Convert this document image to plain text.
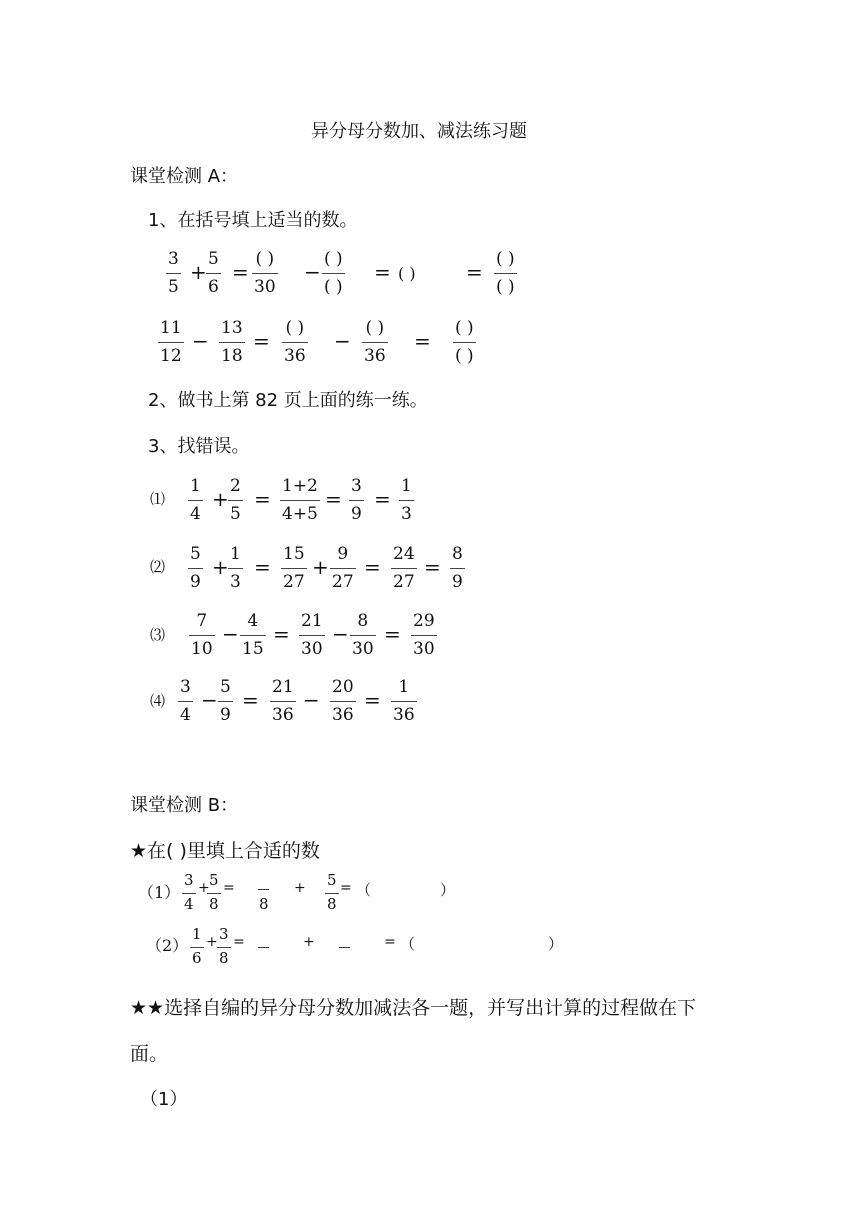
异分母分数加、减法练习题
课堂检测 A：
1、在括号填上适当的数。
$\frac{3}{5} + \frac{5}{6}$ =
( )
30
−
( )
( )
= ( )	=
( )
( )
$\frac{11}{12} - \frac{13}{18}$ =
( )
36
−
( )
36
=
( )
( )
2、做书上第 82 页上面的练一练。
3、找错误。
⑴ $\frac{1}{4} + \frac{2}{5} = \frac{1+2}{4+5} = \frac{3}{9} = \frac{1}{3}$
⑵ $\frac{5}{9} + \frac{1}{3} = \frac{15}{27} + \frac{9}{27} = \frac{24}{27} = \frac{8}{9}$
⑶ $\frac{7}{10} - \frac{4}{15} = \frac{21}{30} - \frac{8}{30} = \frac{29}{30}$
⑷ $\frac{3}{4} - \frac{5}{9} = \frac{21}{36} - \frac{20}{36} = \frac{1}{36}$
课堂检测 B：
★在( )里填上合适的数
$(1) \frac{3}{4}$ +
$\frac{5}{8}$ =
8
+ $\frac{5}{8}$ = （	）
$(2) \frac{1}{6} + \frac{3}{8}$ =	+	= （	）
★★选择自编的异分母分数加减法各一题，并写出计算的过程做在下
面。
（1）
